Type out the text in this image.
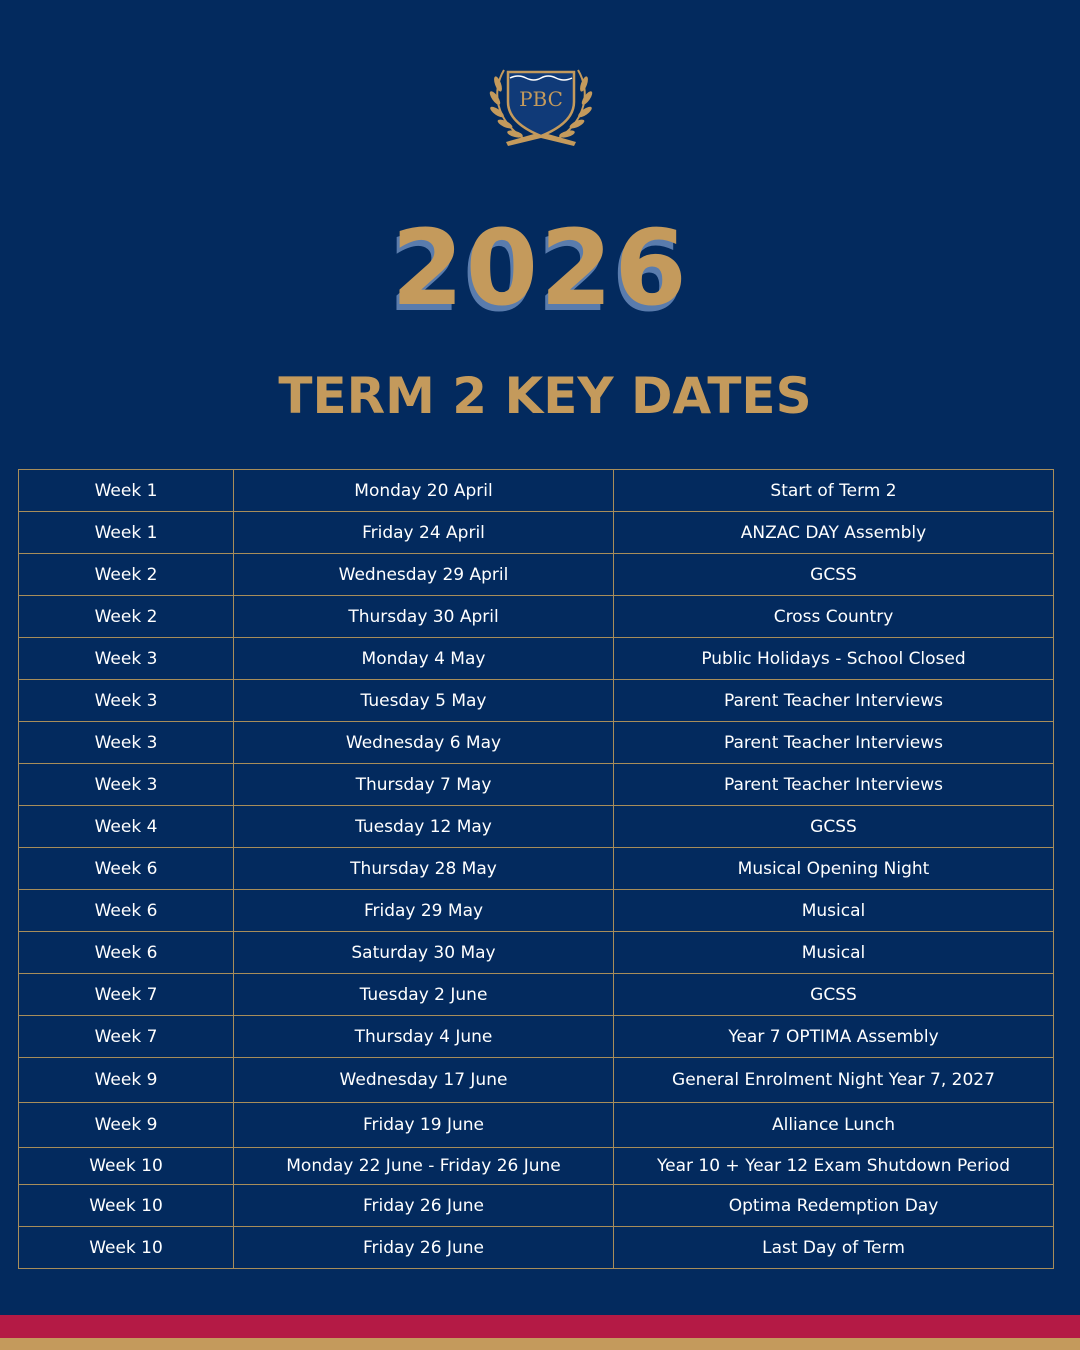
PBC
2026
TERM 2 KEY DATES
Week 1	Monday 20 April	Start of Term 2
Week 1	Friday 24 April	ANZAC DAY Assembly
Week 2	Wednesday 29 April	GCSS
Week 2	Thursday 30 April	Cross Country
Week 3	Monday 4 May	Public Holidays - School Closed
Week 3	Tuesday 5 May	Parent Teacher Interviews
Week 3	Wednesday 6 May	Parent Teacher Interviews
Week 3	Thursday 7 May	Parent Teacher Interviews
Week 4	Tuesday 12 May	GCSS
Week 6	Thursday 28 May	Musical Opening Night
Week 6	Friday 29 May	Musical
Week 6	Saturday 30 May	Musical
Week 7	Tuesday 2 June	GCSS
Week 7	Thursday 4 June	Year 7 OPTIMA Assembly
Week 9	Wednesday 17 June	General Enrolment Night Year 7, 2027
Week 9	Friday 19 June	Alliance Lunch
Week 10	Monday 22 June - Friday 26 June	Year 10 + Year 12 Exam Shutdown Period
Week 10	Friday 26 June	Optima Redemption Day
Week 10	Friday 26 June	Last Day of Term
